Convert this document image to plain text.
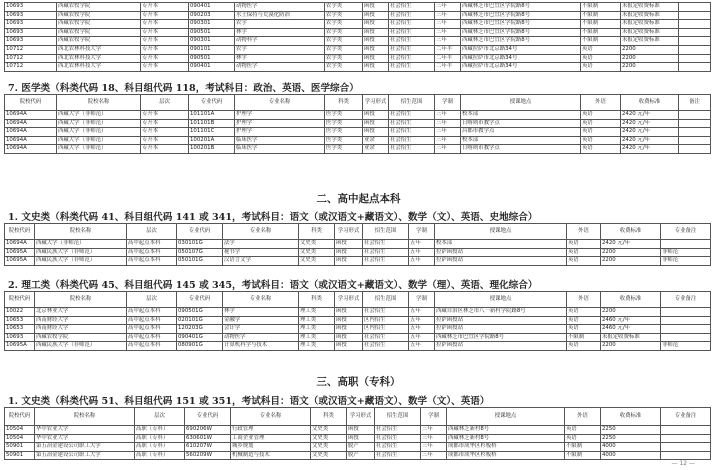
10693	西藏农牧学院	专升本	090401	动物医学	农学类	函授	社会招生	三年	西藏林芝市巴宜区学院路8号	不限制	未报定收费标准	
10693	西藏农牧学院	专升本	090203	水土保持与荒漠化防治	农学类	函授	社会招生	三年	西藏林芝市巴宜区学院路8号	不限制	未报定收费标准	
10693	西藏农牧学院	专升本	090301	农学	农学类	函授	社会招生	三年	西藏林芝市巴宜区学院路8号	不限制	未报定收费标准	
10693	西藏农牧学院	专升本	090501	林学	农学类	函授	社会招生	三年	西藏林芝市巴宜区学院路8号	不限制	未报定收费标准	
10693	西藏农牧学院	专升本	090301	动物科学	农学类	函授	社会招生	三年	西藏林芝市巴宜区学院路8号	不限制	未报定收费标准	
10712	西北农林科技大学	专升本	090101	农学	农学类	函授	社会招生	二年半	西藏拉萨市北京路34号	英语	2200	
10712	西北农林科技大学	专升本	090501	林学	农学类	函授	社会招生	二年半	西藏拉萨市北京路34号	英语	2200	
10712	西北农林科技大学	专升本	090401	动物医学	农学类	函授	社会招生	二年半	西藏拉萨市北京路34号	英语	2200	
7. 医学类（科类代码 18、科目组代码 118，考试科目：政治、英语、医学综合）
院校代码	院校名称	层次	专业代码	专业名称	科类	学习形式	招生范围	学制	授课地点	外语	收费标准	备注
10694A	西藏大学（非师范）	专升本	101101A	护理学	医学类	函授	社会招生	三年	校本部	英语	2420 元/年	
10694A	西藏大学（非师范）	专升本	101101B	护理学	医学类	函授	社会招生	三年	日喀则市教学点	英语	2420 元/年	
10694A	西藏大学（非师范）	专升本	101101C	护理学	医学类	函授	社会招生	三年	昌都市教学点	英语	2420 元/年	
10694A	西藏大学（非师范）	专升本	100201A	临床医学	医学类	业余	社会招生	三年	校本部	英语	2420 元/年	
10694A	西藏大学（非师范）	专升本	100201B	临床医学	医学类	业余	社会招生	三年	日喀则市教学点	英语	2420 元/年	
二、高中起点本科
1. 文史类（科类代码 41、科目组代码 141 或 341，考试科目：语文（或汉语文+藏语文）、数学（文）、英语、史地综合）
院校代码	院校名称	层次	专业代码	专业名称	科类	学习形式	招生范围	学制	授课地点	外语	收费标准	专业备注
10694A	西藏大学（非师范）	高中起点本科	030101G	法学	文史类	函授	社会招生	五年	校本部	英语	2420 元/年	
10695A	西藏民族大学（非师范）	高中起点本科	050107G	秘书学	文史类	函授	社会招生	五年	拉萨函授站	英语	2200	非师范
10695A	西藏民族大学（非师范）	高中起点本科	050101G	汉语言文学	文史类	函授	社会招生	五年	拉萨函授站	英语	2200	非师范
2. 理工类（科类代码 45、科目组代码 145 或 345，考试科目：语文（或汉语文+藏语文）、数学（理）、英语、理化综合）
院校代码	院校名称	层次	专业代码	专业名称	科类	学习形式	招生范围	学制	授课地点	外语	收费标准	专业备注
10022	北京林业大学	高中起点本科	090501G	林学	理工类	函授	社会招生	五年	西藏自治区林芝市八一新村学院路8号	英语	2200	
10653	西南财经大学	高中起点本科	020101G	金融学	理工类	函授	区内招生	五年	拉萨函授站	英语	2460 元/年	
10653	西南财经大学	高中起点本科	120203G	会计学	理工类	函授	区内招生	五年	拉萨函授站	英语	2460 元/年	
10693	西藏农牧学院	高中起点本科	090401G	动物医学	理工类	函授	社会招生	五年	西藏林芝市巴宜区学院路8号	不限制	未报定收费标准	
10695A	西藏民族大学（非师范）	高中起点本科	080901G	计算机科学与技术	理工类	函授	社会招生	五年	拉萨函授站	英语	2200	非师范
三、高职（专科）
1. 文史类（科类代码 51、科目组代码 151 或 351，考试科目：语文（或汉语文+藏语文）、数学（文）、英语）
院校代码	院校名称	层次	专业代码	专业名称	科类	学习形式	招生范围	学制	授课地点	外语	收费标准	专业备注
10504	华中农业大学	高职（专科）	690206W	行政管理	文史类	函授	社会招生	三年	西藏林芝新村8号	英语	2250	
10504	华中农业大学	高职（专科）	630601W	工商企业管理	文史类	函授	社会招生	三年	西藏林芝新村8号	英语	2250	
50901	第五冶金建设公司职工大学	高职（专科）	610207W	城乡规划	文史类	脱产	社会招生	三年	成都市成华区杉板桥	不限制	4000	
50901	第五冶金建设公司职工大学	高职（专科）	560209W	机械制造与技术	文史类	脱产	社会招生	三年	成都市成华区杉板桥	不限制	4000	
— 12 —
